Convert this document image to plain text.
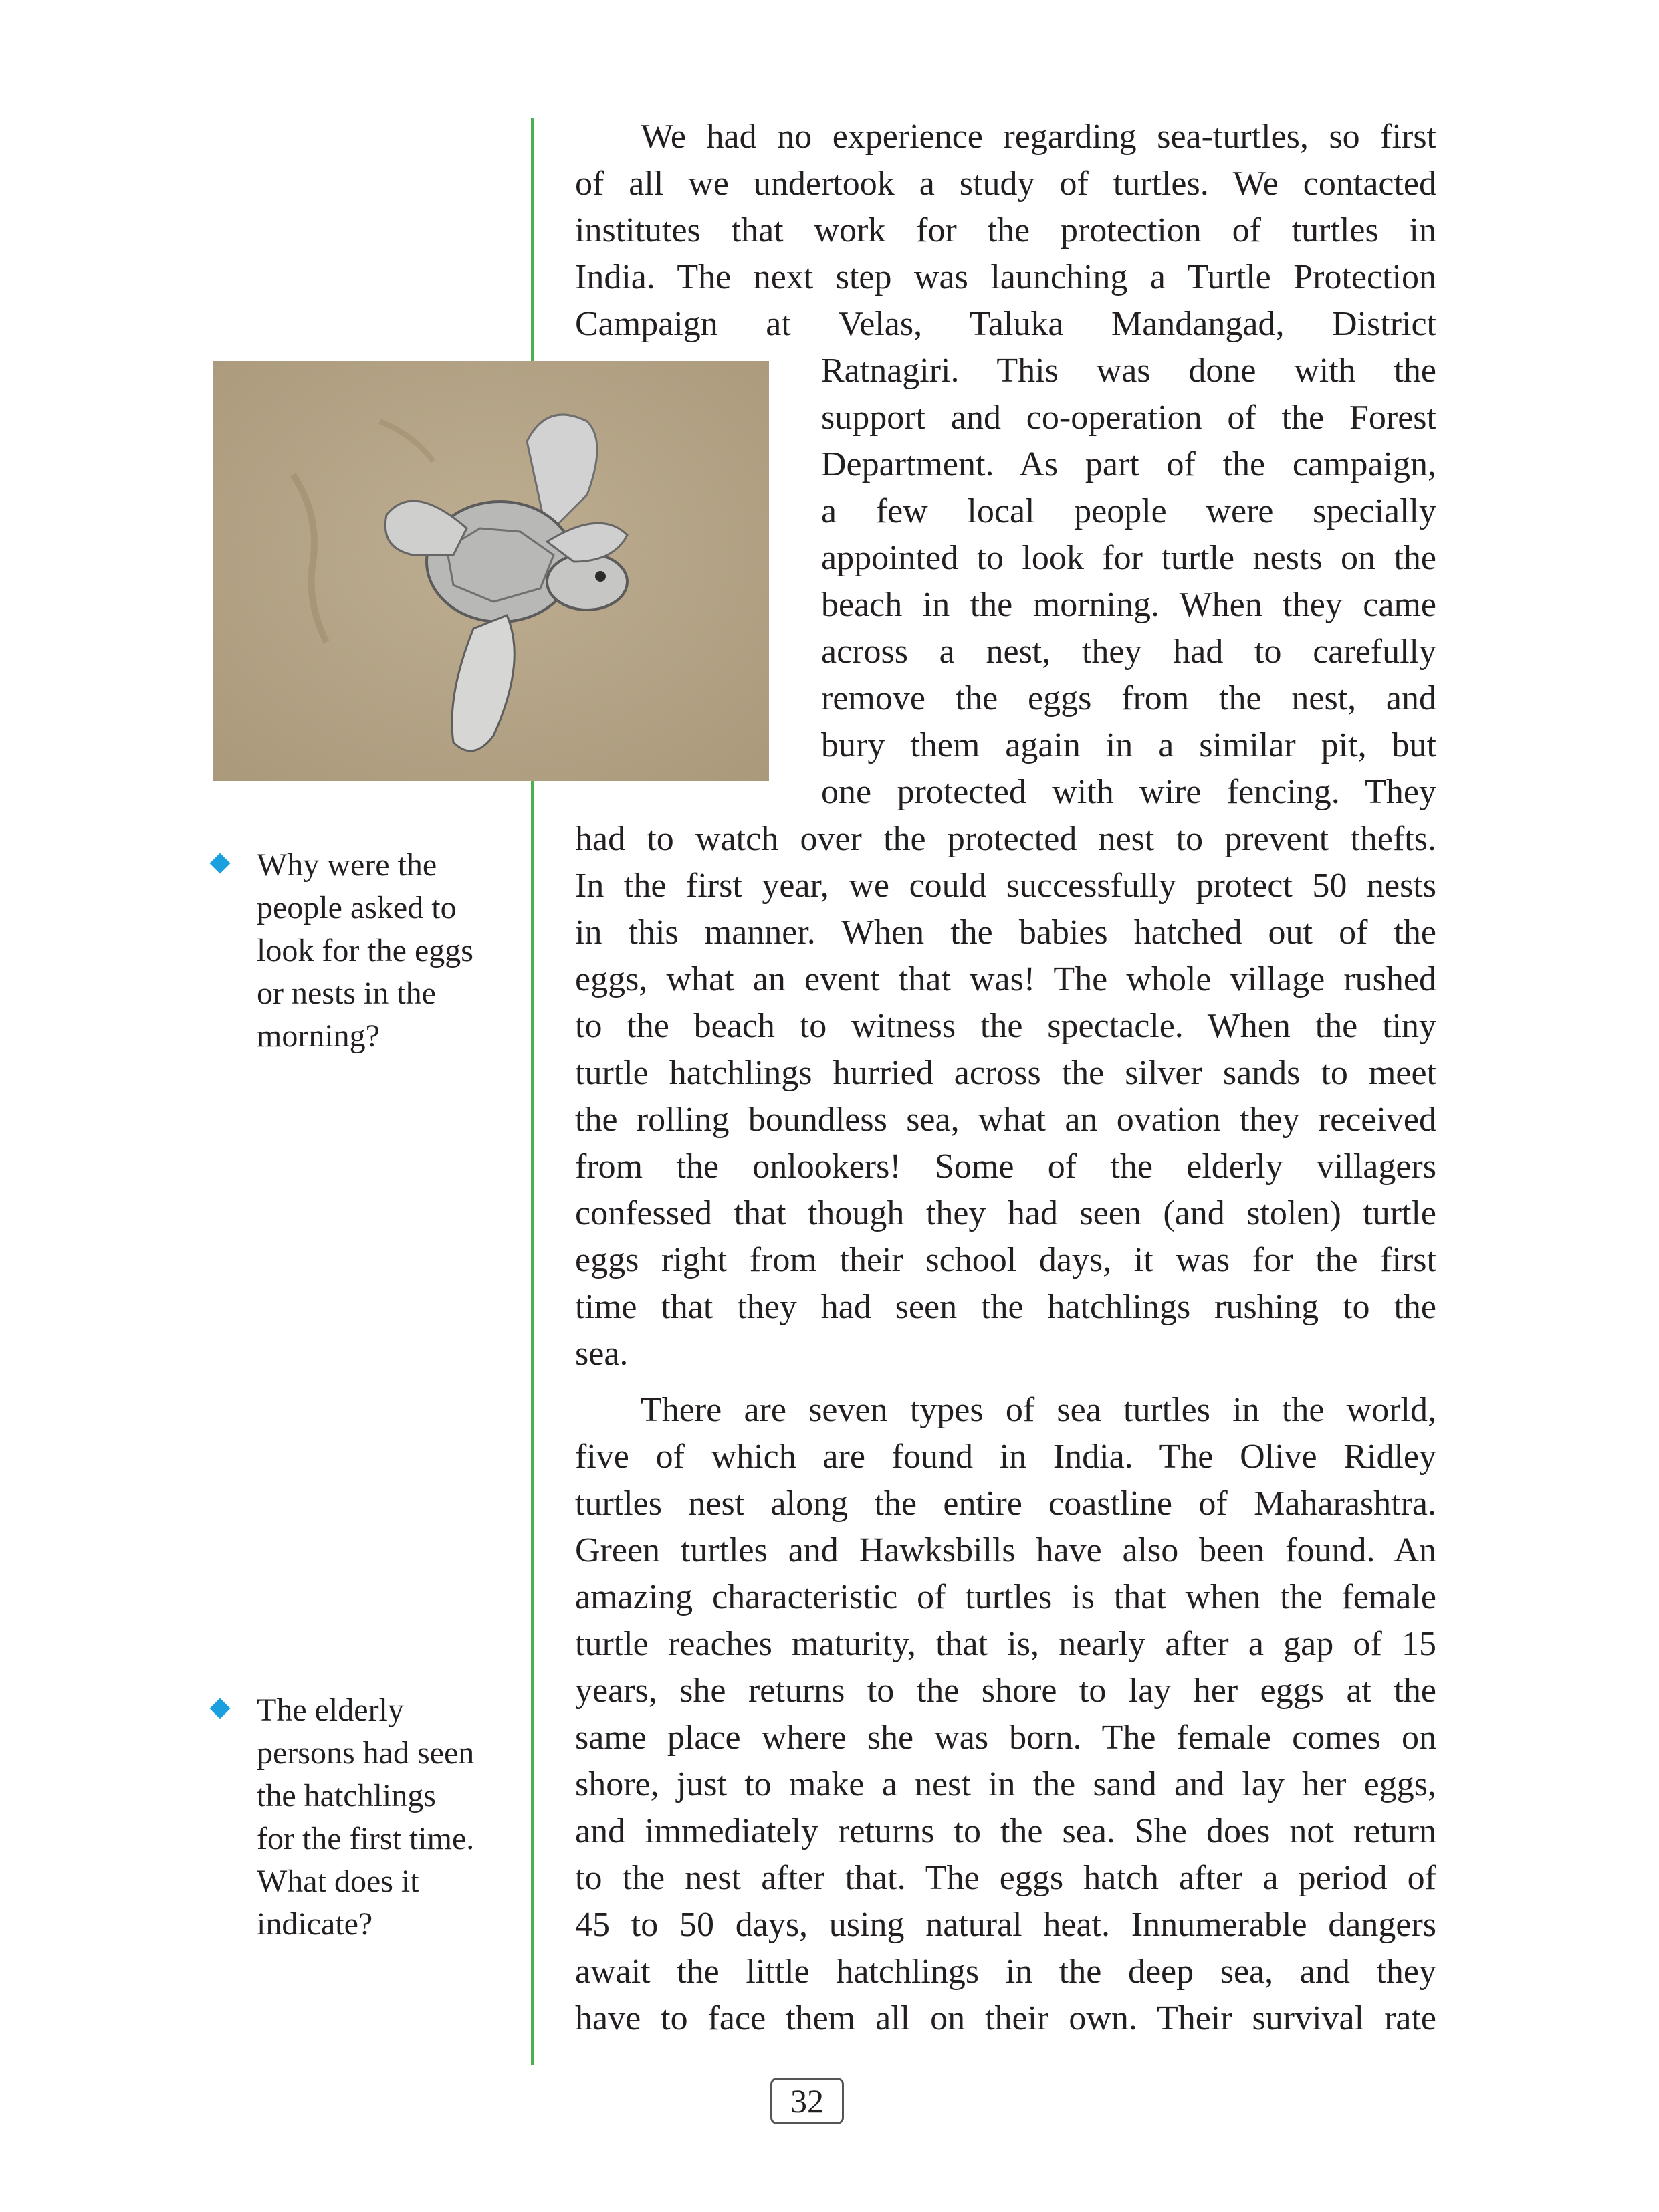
We had no experience regarding sea-turtles, so first
of all we undertook a study of turtles. We contacted
institutes that work for the protection of turtles in
India. The next step was launching a Turtle Protection
Campaign at Velas, Taluka Mandangad, District
Ratnagiri. This was done with the
support and co-operation of the Forest
Department. As part of the campaign,
a few local people were specially
appointed to look for turtle nests on the
beach in the morning. When they came
across a nest, they had to carefully
remove the eggs from the nest, and
bury them again in a similar pit, but
one protected with wire fencing. They
had to watch over the protected nest to prevent thefts.
In the first year, we could successfully protect 50 nests
in this manner. When the babies hatched out of the
eggs, what an event that was! The whole village rushed
to the beach to witness the spectacle. When the tiny
turtle hatchlings hurried across the silver sands to meet
the rolling boundless sea, what an ovation they received
from the onlookers! Some of the elderly villagers
confessed that though they had seen (and stolen) turtle
eggs right from their school days, it was for the first
time that they had seen the hatchlings rushing to the
sea.
There are seven types of sea turtles in the world,
five of which are found in India. The Olive Ridley
turtles nest along the entire coastline of Maharashtra.
Green turtles and Hawksbills have also been found. An
amazing characteristic of turtles is that when the female
turtle reaches maturity, that is, nearly after a gap of 15
years, she returns to the shore to lay her eggs at the
same place where she was born. The female comes on
shore, just to make a nest in the sand and lay her eggs,
and immediately returns to the sea. She does not return
to the nest after that. The eggs hatch after a period of
45 to 50 days, using natural heat. Innumerable dangers
await the little hatchlings in the deep sea, and they
have to face them all on their own. Their survival rate
Why were the
people asked to
look for the eggs
or nests in the
morning?
The elderly
persons had seen
the hatchlings
for the first time.
What does it
indicate?
32
